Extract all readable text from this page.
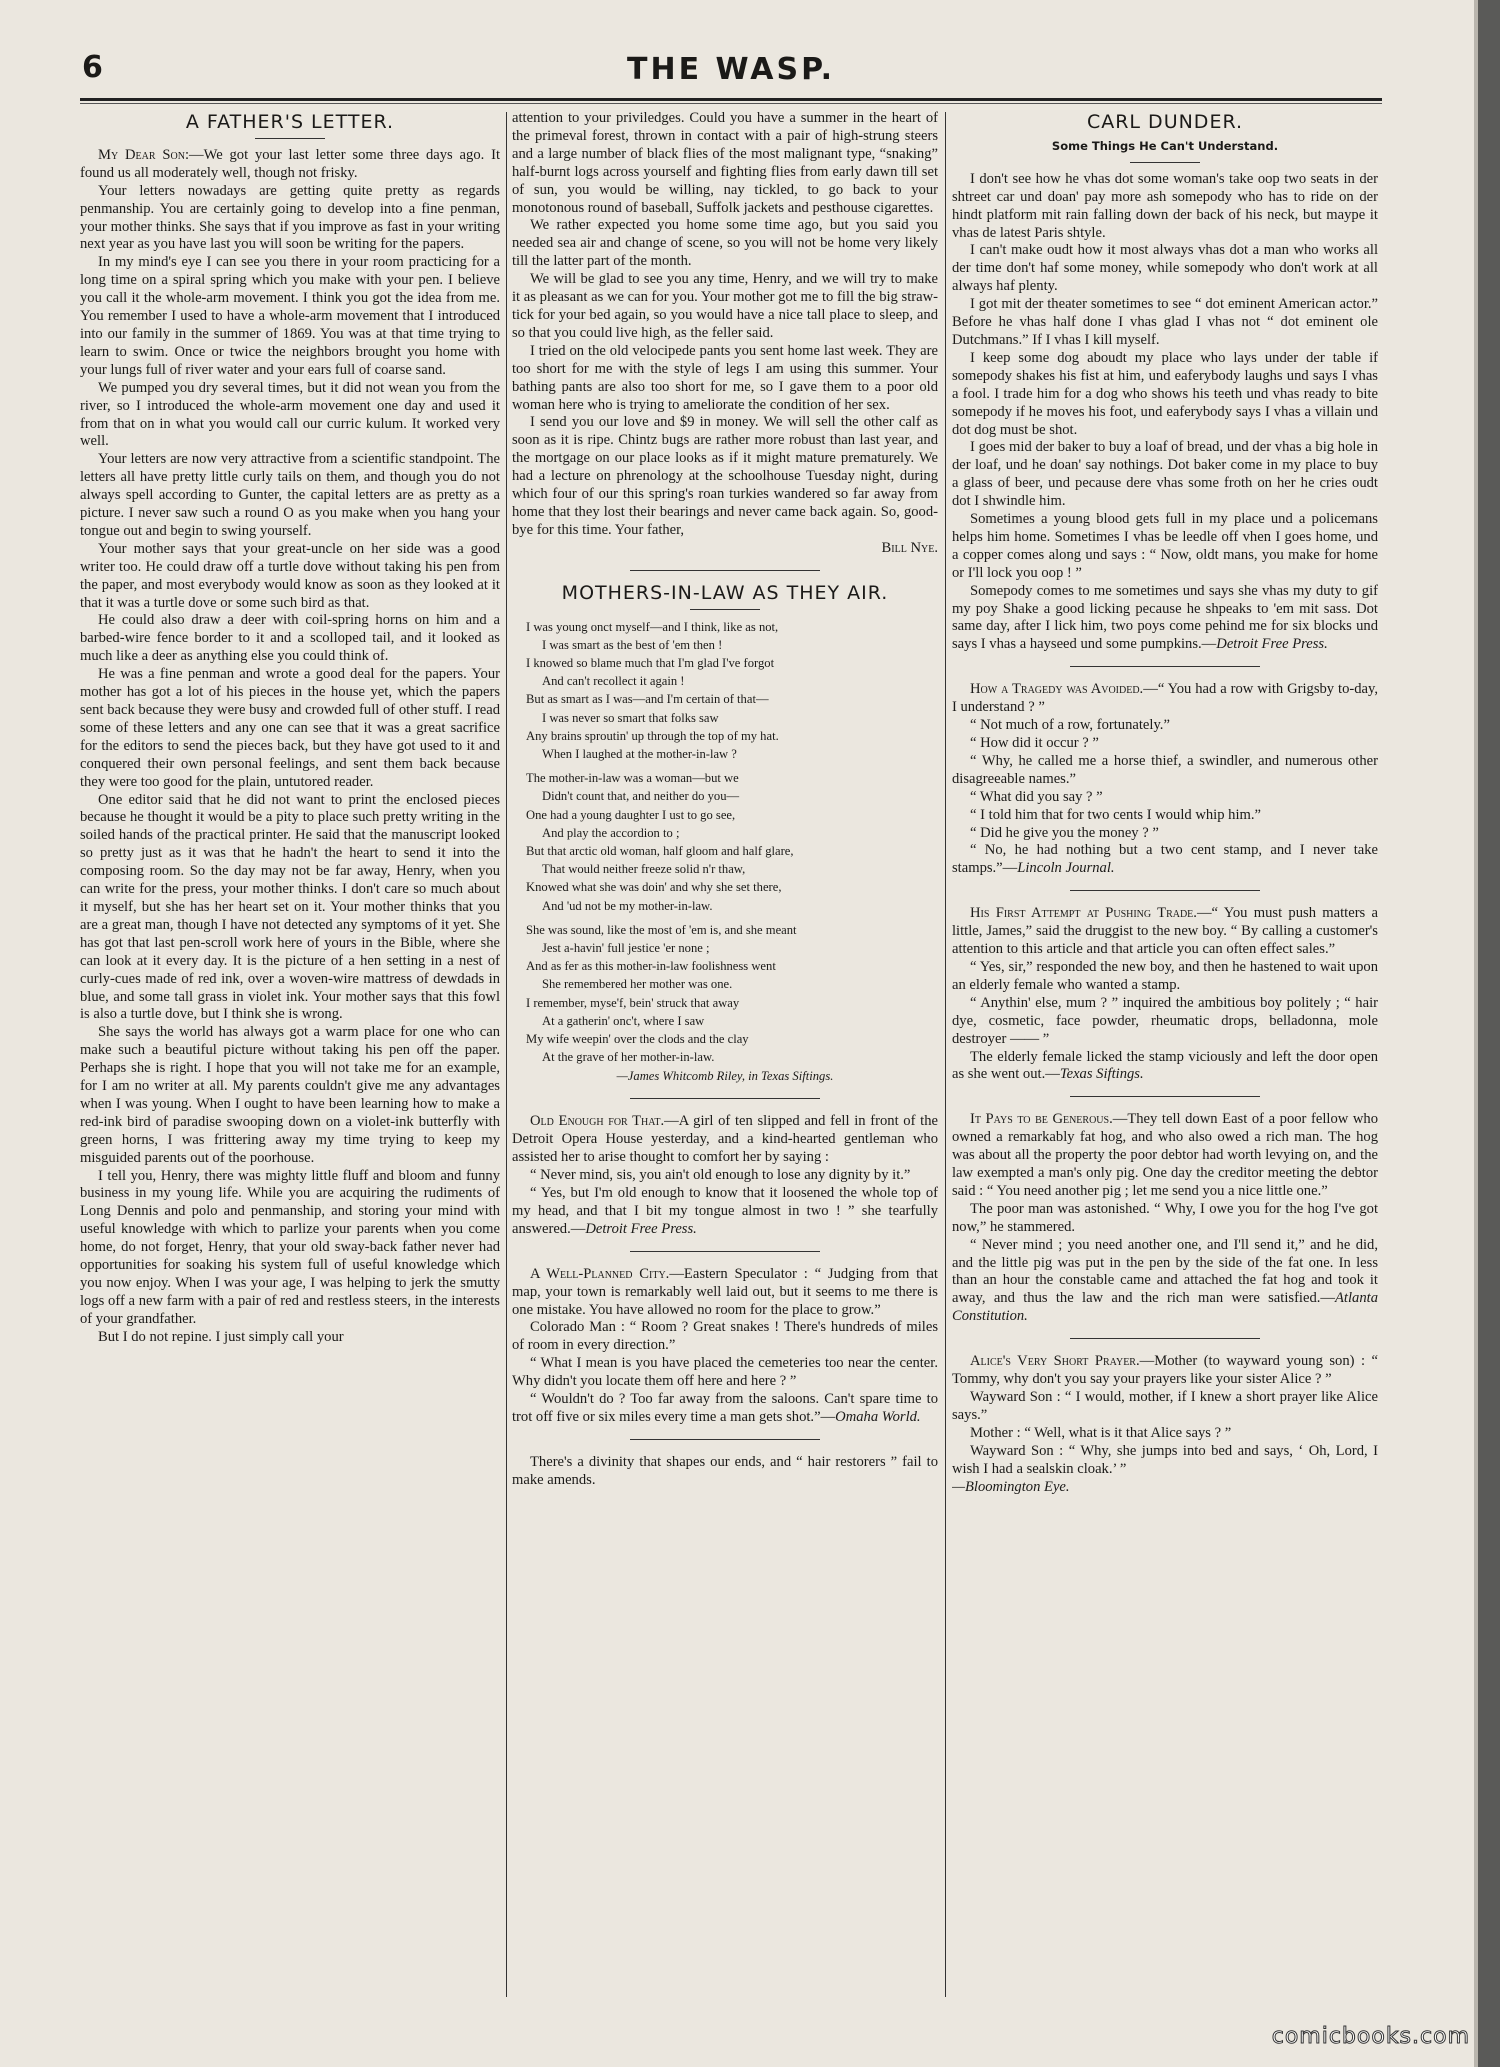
6	THE WASP.
A FATHER'S LETTER.

My Dear Son:—We got your last letter some three days ago. It found us all moderately well, though not frisky.

Your letters nowadays are getting quite pretty as regards penmanship. You are certainly going to develop into a fine penman, your mother thinks. She says that if you improve as fast in your writing next year as you have last you will soon be writing for the papers.

In my mind's eye I can see you there in your room practicing for a long time on a spiral spring which you make with your pen. I believe you call it the whole-arm movement. I think you got the idea from me. You remember I used to have a whole-arm movement that I introduced into our family in the summer of 1869. You was at that time trying to learn to swim. Once or twice the neighbors brought you home with your lungs full of river water and your ears full of coarse sand.

We pumped you dry several times, but it did not wean you from the river, so I introduced the whole-arm movement one day and used it from that on in what you would call our curric kulum. It worked very well.

Your letters are now very attractive from a scientific standpoint. The letters all have pretty little curly tails on them, and though you do not always spell according to Gunter, the capital letters are as pretty as a picture. I never saw such a round O as you make when you hang your tongue out and begin to swing yourself.

Your mother says that your great-uncle on her side was a good writer too. He could draw off a turtle dove without taking his pen from the paper, and most everybody would know as soon as they looked at it that it was a turtle dove or some such bird as that.

He could also draw a deer with coil-spring horns on him and a barbed-wire fence border to it and a scolloped tail, and it looked as much like a deer as anything else you could think of.

He was a fine penman and wrote a good deal for the papers. Your mother has got a lot of his pieces in the house yet, which the papers sent back because they were busy and crowded full of other stuff. I read some of these letters and any one can see that it was a great sacrifice for the editors to send the pieces back, but they have got used to it and conquered their own personal feelings, and sent them back because they were too good for the plain, untutored reader.

One editor said that he did not want to print the enclosed pieces because he thought it would be a pity to place such pretty writing in the soiled hands of the practical printer. He said that the manuscript looked so pretty just as it was that he hadn't the heart to send it into the composing room. So the day may not be far away, Henry, when you can write for the press, your mother thinks. I don't care so much about it myself, but she has her heart set on it. Your mother thinks that you are a great man, though I have not detected any symptoms of it yet. She has got that last pen-scroll work here of yours in the Bible, where she can look at it every day. It is the picture of a hen setting in a nest of curly-cues made of red ink, over a woven-wire mattress of dewdads in blue, and some tall grass in violet ink. Your mother says that this fowl is also a turtle dove, but I think she is wrong.

She says the world has always got a warm place for one who can make such a beautiful picture without taking his pen off the paper. Perhaps she is right. I hope that you will not take me for an example, for I am no writer at all. My parents couldn't give me any advantages when I was young. When I ought to have been learning how to make a red-ink bird of paradise swooping down on a violet-ink butterfly with green horns, I was frittering away my time trying to keep my misguided parents out of the poorhouse.

I tell you, Henry, there was mighty little fluff and bloom and funny business in my young life. While you are acquiring the rudiments of Long Dennis and polo and penmanship, and storing your mind with useful knowledge with which to parlize your parents when you come home, do not forget, Henry, that your old sway-back father never had opportunities for soaking his system full of useful knowledge which you now enjoy. When I was your age, I was helping to jerk the smutty logs off a new farm with a pair of red and restless steers, in the interests of your grandfather.

But I do not repine. I just simply call your

attention to your priviledges. Could you have a summer in the heart of the primeval forest, thrown in contact with a pair of high-strung steers and a large number of black flies of the most malignant type, “snaking” half-burnt logs across yourself and fighting flies from early dawn till set of sun, you would be willing, nay tickled, to go back to your monotonous round of baseball, Suffolk jackets and pesthouse cigarettes.

We rather expected you home some time ago, but you said you needed sea air and change of scene, so you will not be home very likely till the latter part of the month.

We will be glad to see you any time, Henry, and we will try to make it as pleasant as we can for you. Your mother got me to fill the big straw-tick for your bed again, so you would have a nice tall place to sleep, and so that you could live high, as the feller said.

I tried on the old velocipede pants you sent home last week. They are too short for me with the style of legs I am using this summer. Your bathing pants are also too short for me, so I gave them to a poor old woman here who is trying to ameliorate the condition of her sex.

I send you our love and $9 in money. We will sell the other calf as soon as it is ripe. Chintz bugs are rather more robust than last year, and the mortgage on our place looks as if it might mature prematurely. We had a lecture on phrenology at the schoolhouse Tuesday night, during which four of our this spring's roan turkies wandered so far away from home that they lost their bearings and never came back again. So, good-bye for this time. Your father,

Bill Nye.

MOTHERS-IN-LAW AS THEY AIR.
I was young onct myself—and I think, like as not,
I was smart as the best of 'em then !
I knowed so blame much that I'm glad I've forgot
And can't recollect it again !
But as smart as I was—and I'm certain of that—
I was never so smart that folks saw
Any brains sproutin' up through the top of my hat.
When I laughed at the mother-in-law ?
The mother-in-law was a woman—but we
Didn't count that, and neither do you—
One had a young daughter I ust to go see,
And play the accordion to ;
But that arctic old woman, half gloom and half glare,
That would neither freeze solid n'r thaw,
Knowed what she was doin' and why she set there,
And 'ud not be my mother-in-law.
She was sound, like the most of 'em is, and she meant
Jest a-havin' full jestice 'er none ;
And as fer as this mother-in-law foolishness went
She remembered her mother was one.
I remember, myse'f, bein' struck that away
At a gatherin' onc't, where I saw
My wife weepin' over the clods and the clay
At the grave of her mother-in-law.

—James Whitcomb Riley, in Texas Siftings.

Old Enough for That.—A girl of ten slipped and fell in front of the Detroit Opera House yesterday, and a kind-hearted gentleman who assisted her to arise thought to comfort her by saying :

“ Never mind, sis, you ain't old enough to lose any dignity by it.”

“ Yes, but I'm old enough to know that it loosened the whole top of my head, and that I bit my tongue almost in two ! ” she tearfully answered.—Detroit Free Press.

A Well-Planned City.—Eastern Speculator : “ Judging from that map, your town is remarkably well laid out, but it seems to me there is one mistake. You have allowed no room for the place to grow.”

Colorado Man : “ Room ? Great snakes ! There's hundreds of miles of room in every direction.”

“ What I mean is you have placed the cemeteries too near the center. Why didn't you locate them off here and here ? ”

“ Wouldn't do ? Too far away from the saloons. Can't spare time to trot off five or six miles every time a man gets shot.”—Omaha World.

There's a divinity that shapes our ends, and “ hair restorers ” fail to make amends.

CARL DUNDER.
Some Things He Can't Understand.

I don't see how he vhas dot some woman's take oop two seats in der shtreet car und doan' pay more ash somepody who has to ride on der hindt platform mit rain falling down der back of his neck, but maype it vhas de latest Paris shtyle.

I can't make oudt how it most always vhas dot a man who works all der time don't haf some money, while somepody who don't work at all always haf plenty.

I got mit der theater sometimes to see “ dot eminent American actor.” Before he vhas half done I vhas glad I vhas not “ dot eminent ole Dutchmans.” If I vhas I kill myself.

I keep some dog aboudt my place who lays under der table if somepody shakes his fist at him, und eaferybody laughs und says I vhas a fool. I trade him for a dog who shows his teeth und vhas ready to bite somepody if he moves his foot, und eaferybody says I vhas a villain und dot dog must be shot.

I goes mid der baker to buy a loaf of bread, und der vhas a big hole in der loaf, und he doan' say nothings. Dot baker come in my place to buy a glass of beer, und pecause dere vhas some froth on her he cries oudt dot I shwindle him.

Sometimes a young blood gets full in my place und a policemans helps him home. Sometimes I vhas be leedle off vhen I goes home, und a copper comes along und says : “ Now, oldt mans, you make for home or I'll lock you oop ! ”

Somepody comes to me sometimes und says she vhas my duty to gif my poy Shake a good licking pecause he shpeaks to 'em mit sass. Dot same day, after I lick him, two poys come pehind me for six blocks und says I vhas a hayseed und some pumpkins.—Detroit Free Press.

How a Tragedy was Avoided.—“ You had a row with Grigsby to-day, I understand ? ”

“ Not much of a row, fortunately.”

“ How did it occur ? ”

“ Why, he called me a horse thief, a swindler, and numerous other disagreeable names.”

“ What did you say ? ”

“ I told him that for two cents I would whip him.”

“ Did he give you the money ? ”

“ No, he had nothing but a two cent stamp, and I never take stamps.”—Lincoln Journal.

His First Attempt at Pushing Trade.—“ You must push matters a little, James,” said the druggist to the new boy. “ By calling a customer's attention to this article and that article you can often effect sales.”

“ Yes, sir,” responded the new boy, and then he hastened to wait upon an elderly female who wanted a stamp.

“ Anythin' else, mum ? ” inquired the ambitious boy politely ; “ hair dye, cosmetic, face powder, rheumatic drops, belladonna, mole destroyer —— ”

The elderly female licked the stamp viciously and left the door open as she went out.—Texas Siftings.

It Pays to be Generous.—They tell down East of a poor fellow who owned a remarkably fat hog, and who also owed a rich man. The hog was about all the property the poor debtor had worth levying on, and the law exempted a man's only pig. One day the creditor meeting the debtor said : “ You need another pig ; let me send you a nice little one.”

The poor man was astonished. “ Why, I owe you for the hog I've got now,” he stammered.

“ Never mind ; you need another one, and I'll send it,” and he did, and the little pig was put in the pen by the side of the fat one. In less than an hour the constable came and attached the fat hog and took it away, and thus the law and the rich man were satisfied.—Atlanta Constitution.

Alice's Very Short Prayer.—Mother (to wayward young son) : “ Tommy, why don't you say your prayers like your sister Alice ? ”

Wayward Son : “ I would, mother, if I knew a short prayer like Alice says.”

Mother : “ Well, what is it that Alice says ? ”

Wayward Son : “ Why, she jumps into bed and says, ‘ Oh, Lord, I wish I had a sealskin cloak.’ ”

—Bloomington Eye.

comicbooks.com
